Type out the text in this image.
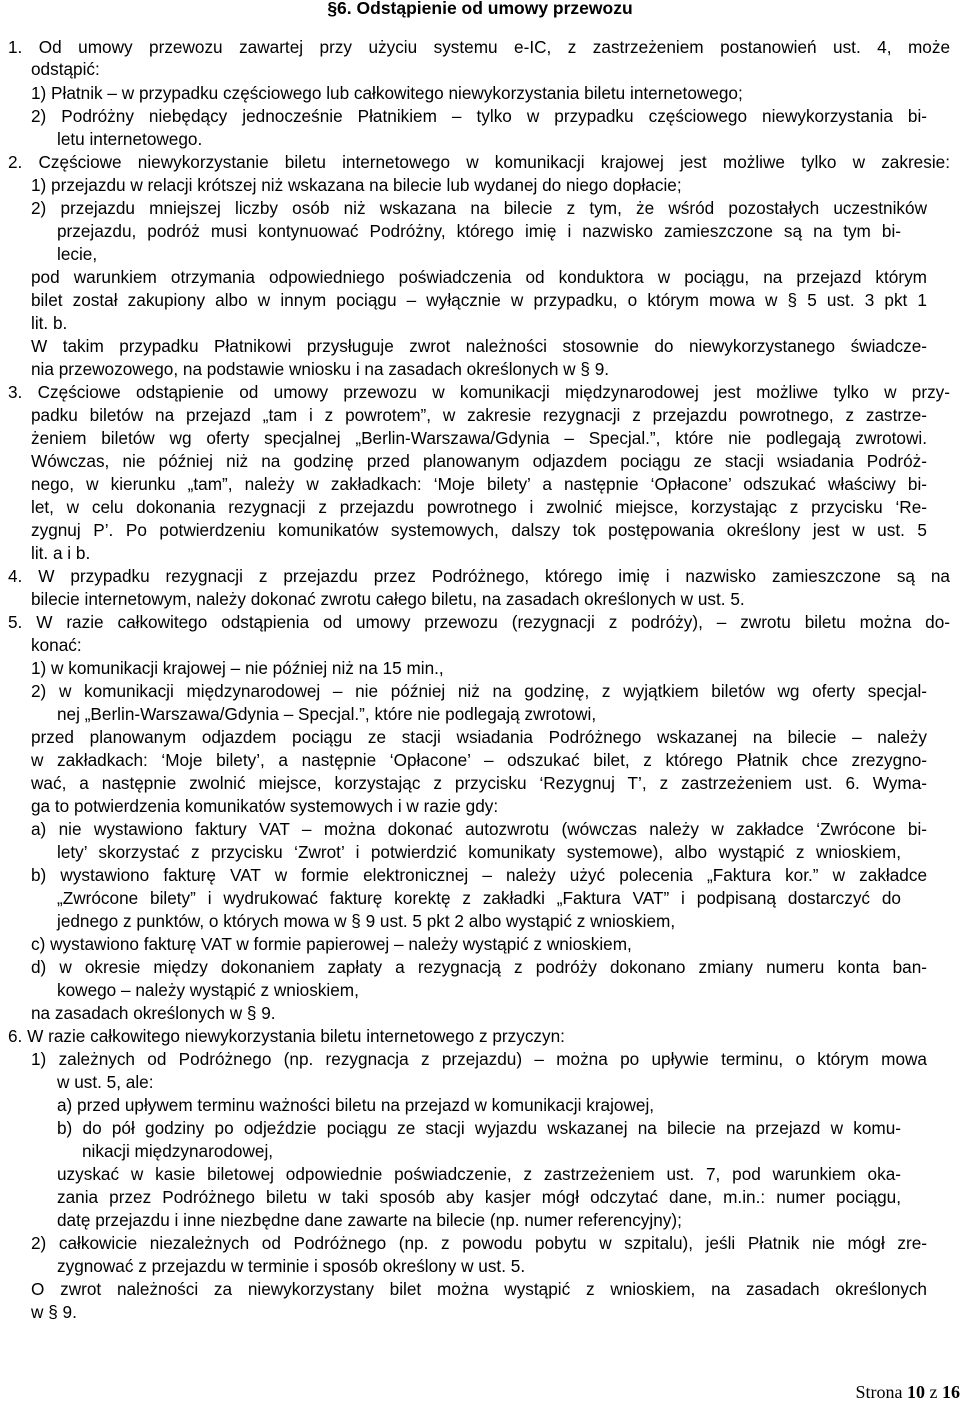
§6. Odstąpienie od umowy przewozu
1. Od umowy przewozu zawartej przy użyciu systemu e-IC, z zastrzeżeniem postanowień ust. 4, może
odstąpić:
1) Płatnik – w przypadku częściowego lub całkowitego niewykorzystania biletu internetowego;
2) Podróżny niebędący jednocześnie Płatnikiem – tylko w przypadku częściowego niewykorzystania bi-
letu internetowego.
2. Częściowe niewykorzystanie biletu internetowego w komunikacji krajowej jest możliwe tylko w zakresie:
1) przejazdu w relacji krótszej niż wskazana na bilecie lub wydanej do niego dopłacie;
2) przejazdu mniejszej liczby osób niż wskazana na bilecie z tym, że wśród pozostałych uczestników
przejazdu, podróż musi kontynuować Podróżny, którego imię i nazwisko zamieszczone są na tym bi-
lecie,
pod warunkiem otrzymania odpowiedniego poświadczenia od konduktora w pociągu, na przejazd którym
bilet został zakupiony albo w innym pociągu – wyłącznie w przypadku, o którym mowa w § 5 ust. 3 pkt 1
lit. b.
W takim przypadku Płatnikowi przysługuje zwrot należności stosownie do niewykorzystanego świadcze-
nia przewozowego, na podstawie wniosku i na zasadach określonych w § 9.
3. Częściowe odstąpienie od umowy przewozu w komunikacji międzynarodowej jest możliwe tylko w przy-
padku biletów na przejazd „tam i z powrotem”, w zakresie rezygnacji z przejazdu powrotnego, z zastrze-
żeniem biletów wg oferty specjalnej „Berlin-Warszawa/Gdynia – Specjal.”, które nie podlegają zwrotowi.
Wówczas, nie później niż na godzinę przed planowanym odjazdem pociągu ze stacji wsiadania Podróż-
nego, w kierunku „tam”, należy w zakładkach: ‘Moje bilety’ a następnie ‘Opłacone’ odszukać właściwy bi-
let, w celu dokonania rezygnacji z przejazdu powrotnego i zwolnić miejsce, korzystając z przycisku ‘Re-
zygnuj P’. Po potwierdzeniu komunikatów systemowych, dalszy tok postępowania określony jest w ust. 5
lit. a i b.
4. W przypadku rezygnacji z przejazdu przez Podróżnego, którego imię i nazwisko zamieszczone są na
bilecie internetowym, należy dokonać zwrotu całego biletu, na zasadach określonych w ust. 5.
5. W razie całkowitego odstąpienia od umowy przewozu (rezygnacji z podróży), – zwrotu biletu można do-
konać:
1) w komunikacji krajowej – nie później niż na 15 min.,
2) w komunikacji międzynarodowej – nie później niż na godzinę, z wyjątkiem biletów wg oferty specjal-
nej „Berlin-Warszawa/Gdynia – Specjal.”, które nie podlegają zwrotowi,
przed planowanym odjazdem pociągu ze stacji wsiadania Podróżnego wskazanej na bilecie – należy
w zakładkach: ‘Moje bilety’, a następnie ‘Opłacone’ – odszukać bilet, z którego Płatnik chce zrezygno-
wać, a następnie zwolnić miejsce, korzystając z przycisku ‘Rezygnuj T’, z zastrzeżeniem ust. 6. Wyma-
ga to potwierdzenia komunikatów systemowych i w razie gdy:
a) nie wystawiono faktury VAT – można dokonać autozwrotu (wówczas należy w zakładce ‘Zwrócone bi-
lety’ skorzystać z przycisku ‘Zwrot’ i potwierdzić komunikaty systemowe), albo wystąpić z wnioskiem,
b) wystawiono fakturę VAT w formie elektronicznej – należy użyć polecenia „Faktura kor.” w zakładce
„Zwrócone bilety” i wydrukować fakturę korektę z zakładki „Faktura VAT” i podpisaną dostarczyć do
jednego z punktów, o których mowa w § 9 ust. 5 pkt 2 albo wystąpić z wnioskiem,
c) wystawiono fakturę VAT w formie papierowej – należy wystąpić z wnioskiem,
d) w okresie między dokonaniem zapłaty a rezygnacją z podróży dokonano zmiany numeru konta ban-
kowego – należy wystąpić z wnioskiem,
na zasadach określonych w § 9.
6. W razie całkowitego niewykorzystania biletu internetowego z przyczyn:
1) zależnych od Podróżnego (np. rezygnacja z przejazdu) – można po upływie terminu, o którym mowa
w ust. 5, ale:
a) przed upływem terminu ważności biletu na przejazd w komunikacji krajowej,
b) do pół godziny po odjeździe pociągu ze stacji wyjazdu wskazanej na bilecie na przejazd w komu-
nikacji międzynarodowej,
uzyskać w kasie biletowej odpowiednie poświadczenie, z zastrzeżeniem ust. 7, pod warunkiem oka-
zania przez Podróżnego biletu w taki sposób aby kasjer mógł odczytać dane, m.in.: numer pociągu,
datę przejazdu i inne niezbędne dane zawarte na bilecie (np. numer referencyjny);
2) całkowicie niezależnych od Podróżnego (np. z powodu pobytu w szpitalu), jeśli Płatnik nie mógł zre-
zygnować z przejazdu w terminie i sposób określony w ust. 5.
O zwrot należności za niewykorzystany bilet można wystąpić z wnioskiem, na zasadach określonych
w § 9.
Strona 10 z 16
